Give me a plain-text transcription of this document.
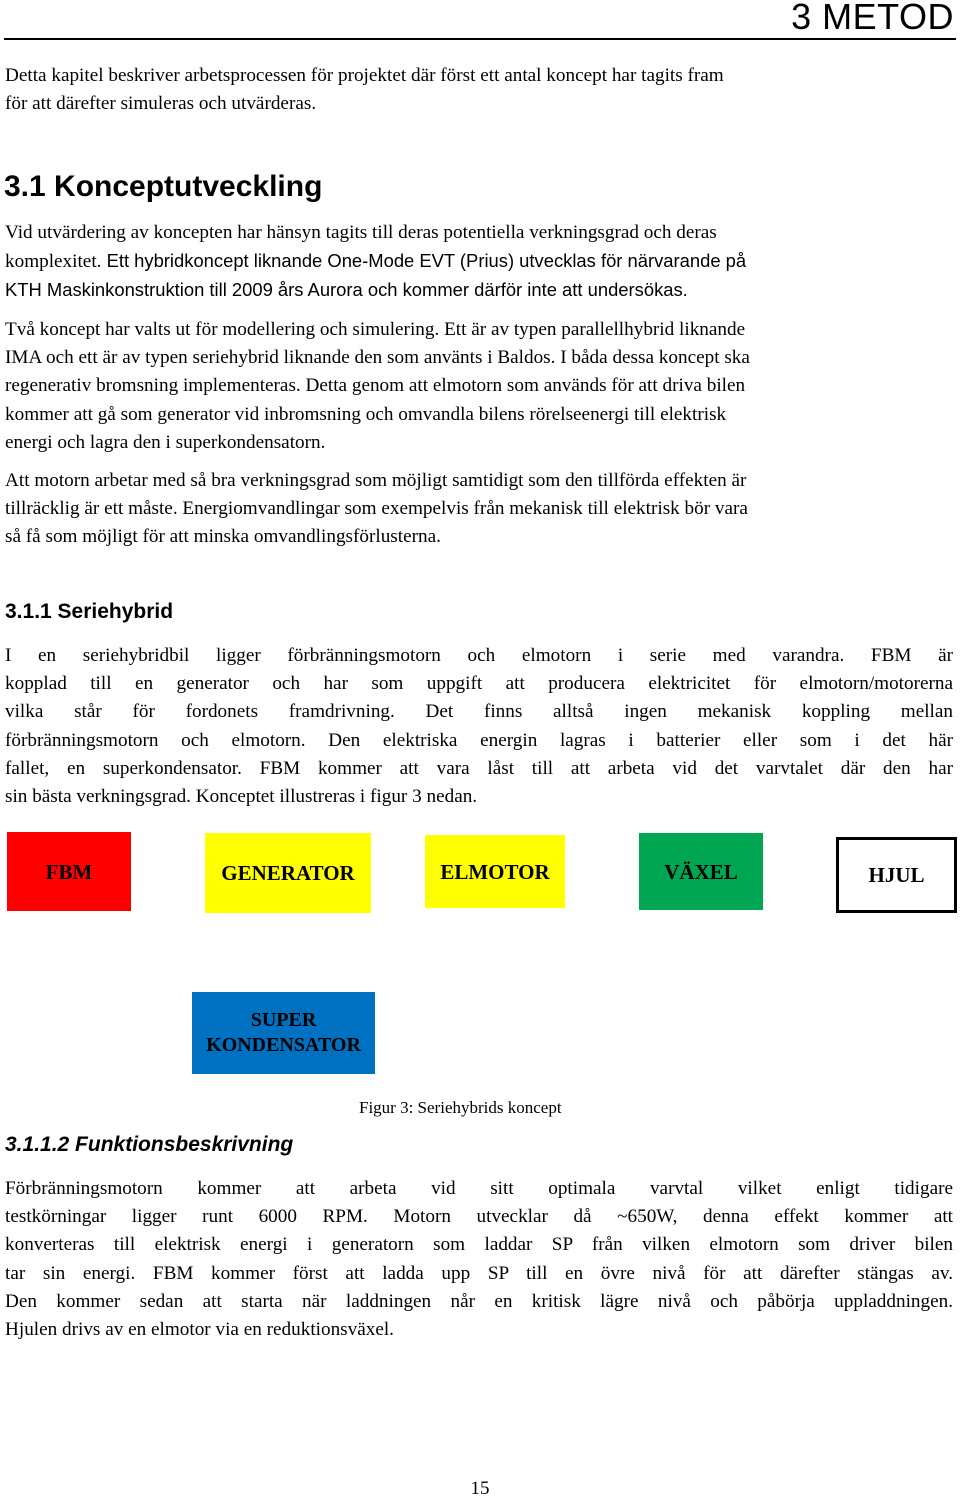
3 METOD

Detta kapitel beskriver arbetsprocessen för projektet där först ett antal koncept har tagits fram
för att därefter simuleras och utvärderas.

3.1 Konceptutveckling

Vid utvärdering av koncepten har hänsyn tagits till deras potentiella verkningsgrad och deras
komplexitet. Ett hybridkoncept liknande One-Mode EVT (Prius) utvecklas för närvarande på
KTH Maskinkonstruktion till 2009 års Aurora och kommer därför inte att undersökas.

Två koncept har valts ut för modellering och simulering. Ett är av typen parallellhybrid liknande
IMA och ett är av typen seriehybrid liknande den som använts i Baldos. I båda dessa koncept ska
regenerativ bromsning implementeras. Detta genom att elmotorn som används för att driva bilen
kommer att gå som generator vid inbromsning och omvandla bilens rörelseenergi till elektrisk
energi och lagra den i superkondensatorn.

Att motorn arbetar med så bra verkningsgrad som möjligt samtidigt som den tillförda effekten är
tillräcklig är ett måste. Energiomvandlingar som exempelvis från mekanisk till elektrisk bör vara
så få som möjligt för att minska omvandlingsförlusterna.

3.1.1 Seriehybrid

I en seriehybridbil ligger förbränningsmotorn och elmotorn i serie med varandra. FBM är
kopplad till en generator och har som uppgift att producera elektricitet för elmotorn/motorerna
vilka står för fordonets framdrivning. Det finns alltså ingen mekanisk koppling mellan
förbränningsmotorn och elmotorn. Den elektriska energin lagras i batterier eller som i det här
fallet, en superkondensator. FBM kommer att vara låst till att arbeta vid det varvtalet där den har
sin bästa verkningsgrad. Konceptet illustreras i figur 3 nedan.

FBM	GENERATOR	ELMOTOR	VÄXEL	HJUL
SUPER
KONDENSATOR

Figur 3: Seriehybrids koncept

3.1.1.2 Funktionsbeskrivning

Förbränningsmotorn kommer att arbeta vid sitt optimala varvtal vilket enligt tidigare
testkörningar ligger runt 6000 RPM. Motorn utvecklar då ~650W, denna effekt kommer att
konverteras till elektrisk energi i generatorn som laddar SP från vilken elmotorn som driver bilen
tar sin energi. FBM kommer först att ladda upp SP till en övre nivå för att därefter stängas av.
Den kommer sedan att starta när laddningen når en kritisk lägre nivå och påbörja uppladdningen.
Hjulen drivs av en elmotor via en reduktionsväxel.

15
